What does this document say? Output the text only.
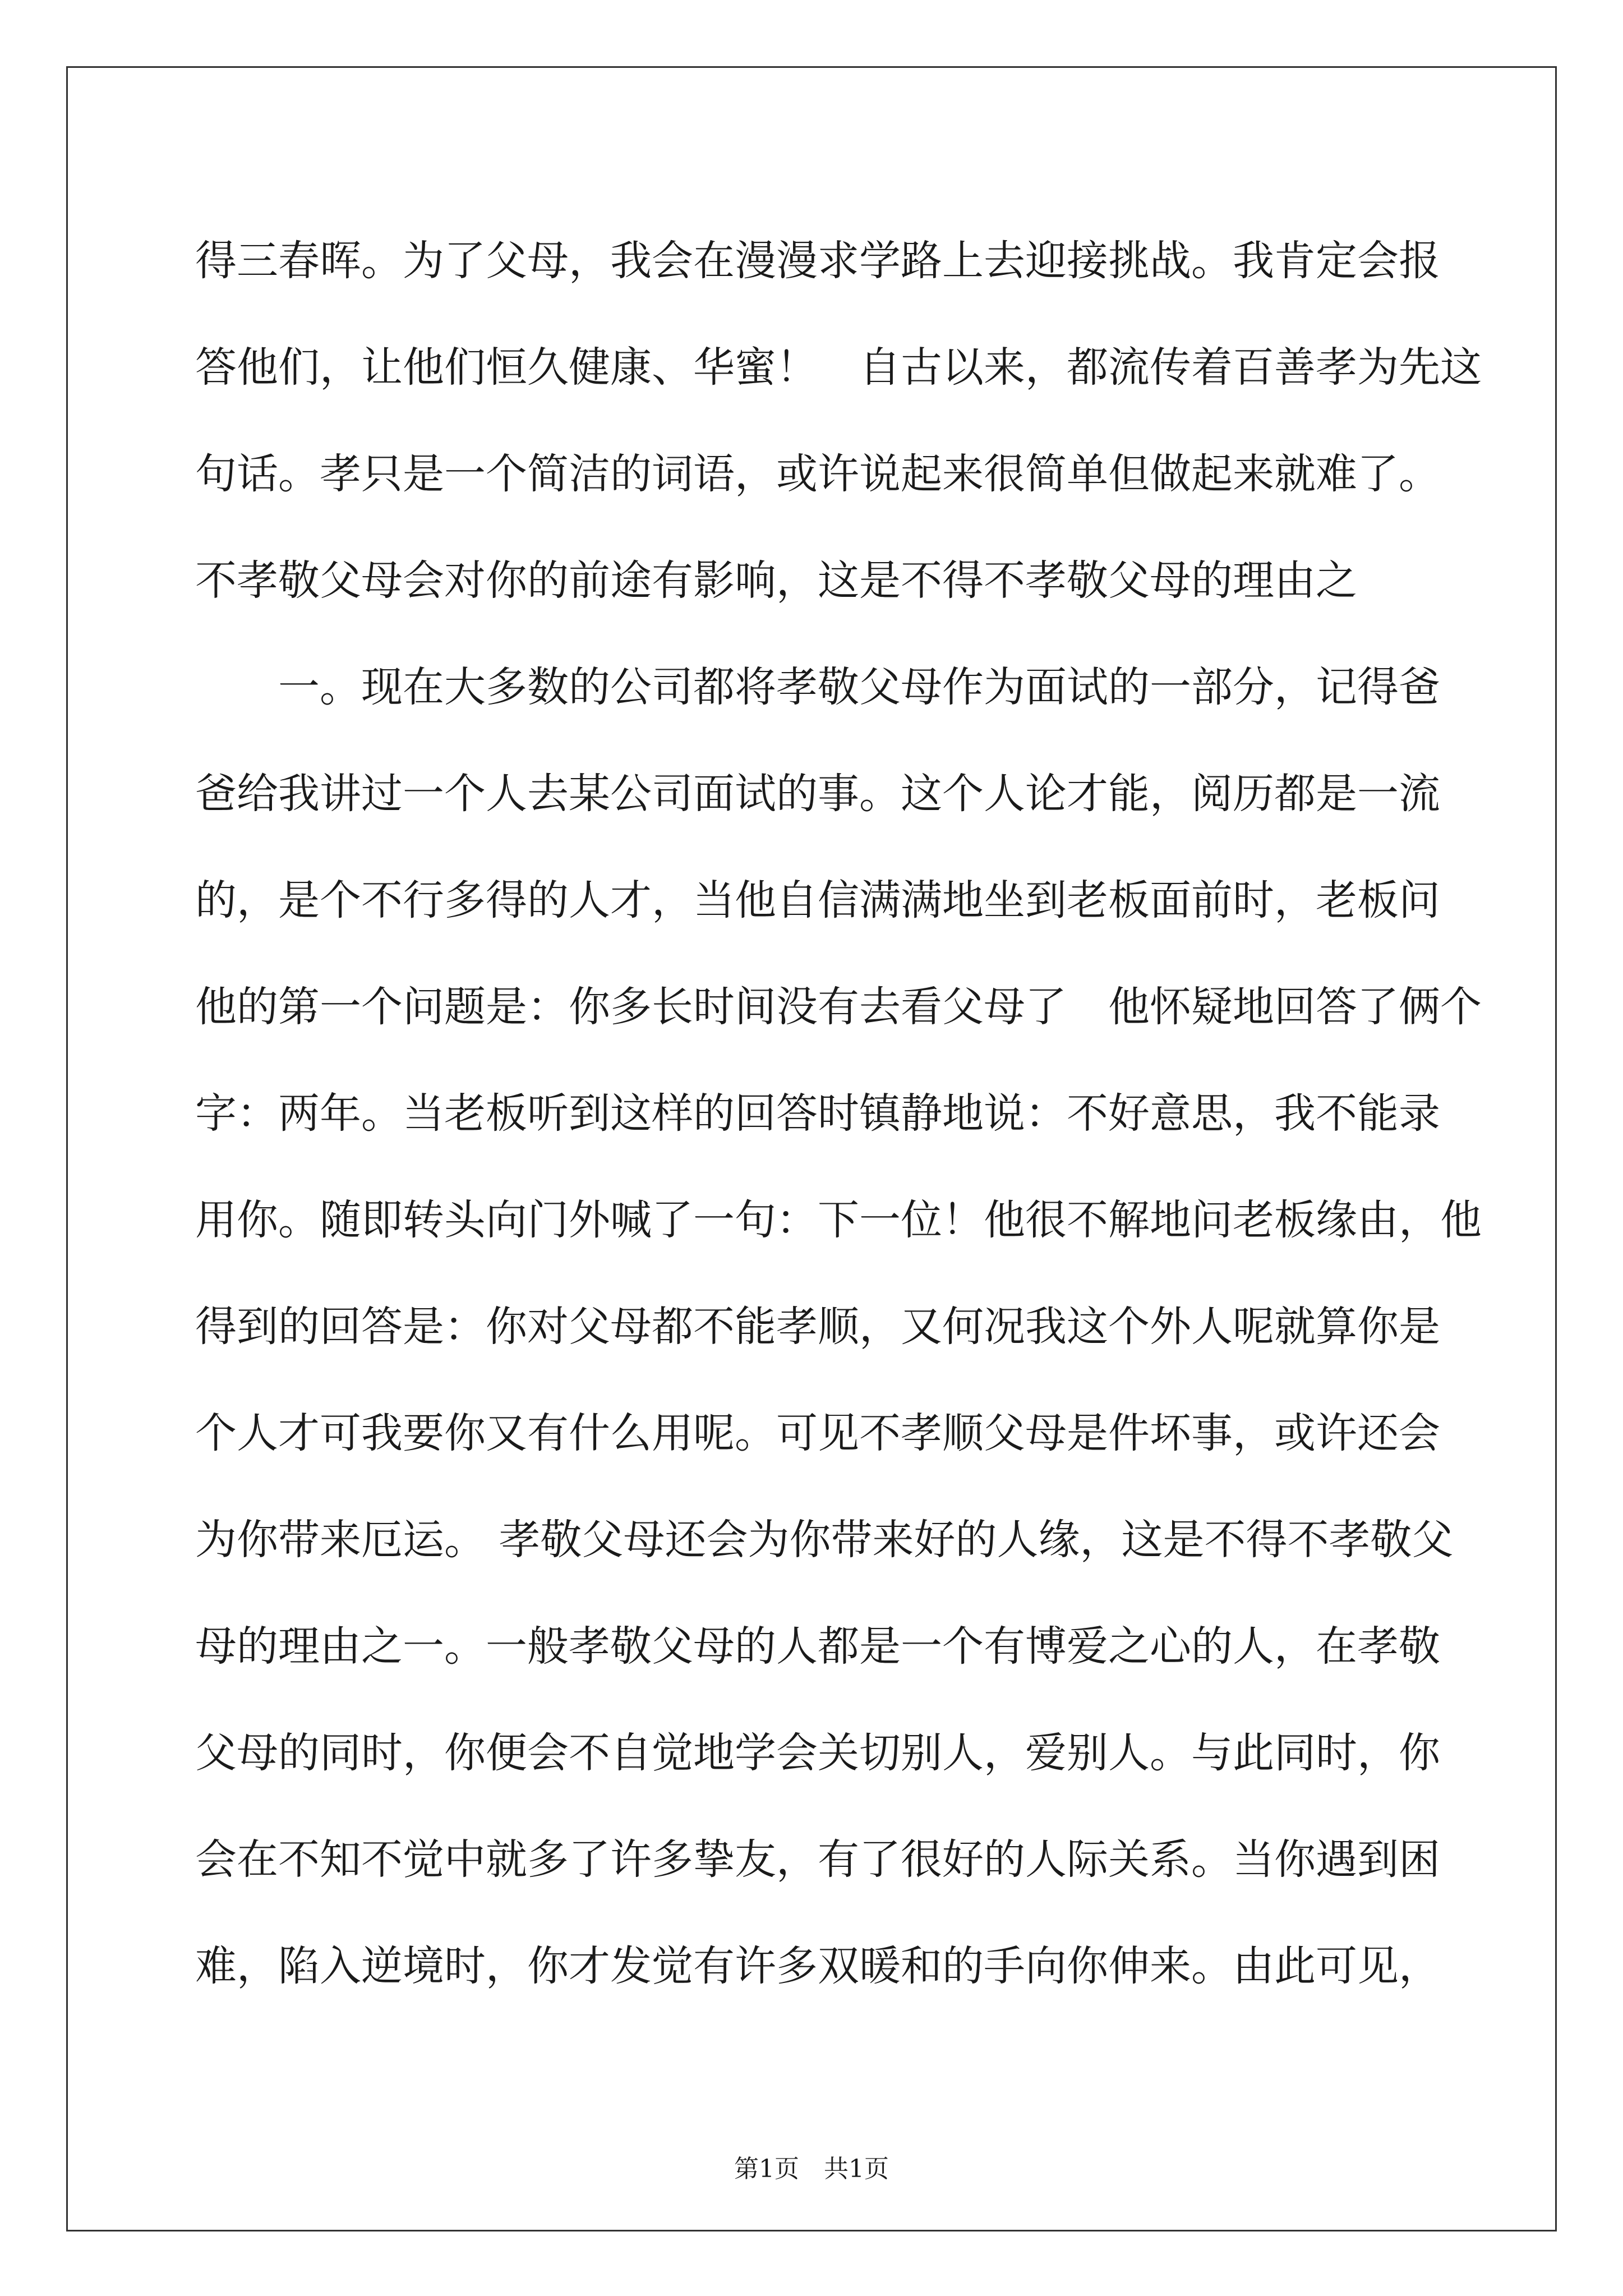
得三春晖。为了父母，我会在漫漫求学路上去迎接挑战。我肯定会报
答他们，让他们恒久健康、华蜜！　自古以来，都流传着百善孝为先这
句话。孝只是一个简洁的词语，或许说起来很简单但做起来就难了。
不孝敬父母会对你的前途有影响，这是不得不孝敬父母的理由之
一。现在大多数的公司都将孝敬父母作为面试的一部分，记得爸
爸给我讲过一个人去某公司面试的事。这个人论才能，阅历都是一流
的，是个不行多得的人才，当他自信满满地坐到老板面前时，老板问
他的第一个问题是：你多长时间没有去看父母了　他怀疑地回答了俩个
字：两年。当老板听到这样的回答时镇静地说：不好意思，我不能录
用你。随即转头向门外喊了一句：下一位！他很不解地问老板缘由，他
得到的回答是：你对父母都不能孝顺，又何况我这个外人呢就算你是
个人才可我要你又有什么用呢。可见不孝顺父母是件坏事，或许还会
为你带来厄运。 孝敬父母还会为你带来好的人缘，这是不得不孝敬父
母的理由之一。一般孝敬父母的人都是一个有博爱之心的人，在孝敬
父母的同时，你便会不自觉地学会关切别人，爱别人。与此同时，你
会在不知不觉中就多了许多挚友，有了很好的人际关系。当你遇到困
难，陷入逆境时，你才发觉有许多双暖和的手向你伸来。由此可见，
第1页　共1页
